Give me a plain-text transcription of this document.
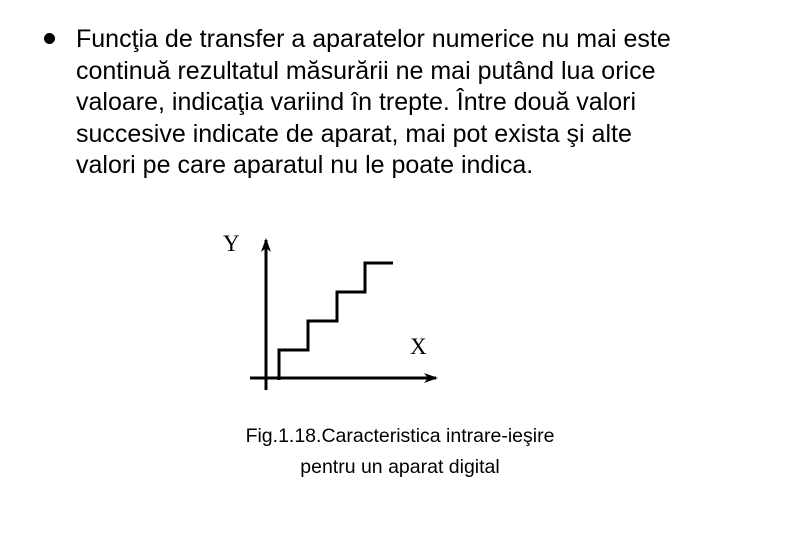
Funcţia de transfer a aparatelor numerice nu mai este
continuă rezultatul măsurării ne mai putând lua orice
valoare, indicaţia variind în trepte. Între două valori
succesive indicate de aparat, mai pot exista şi alte
valori pe care aparatul nu le poate indica.
Y
X
Fig.1.18.Caracteristica intrare-ieşire
pentru un aparat digital
